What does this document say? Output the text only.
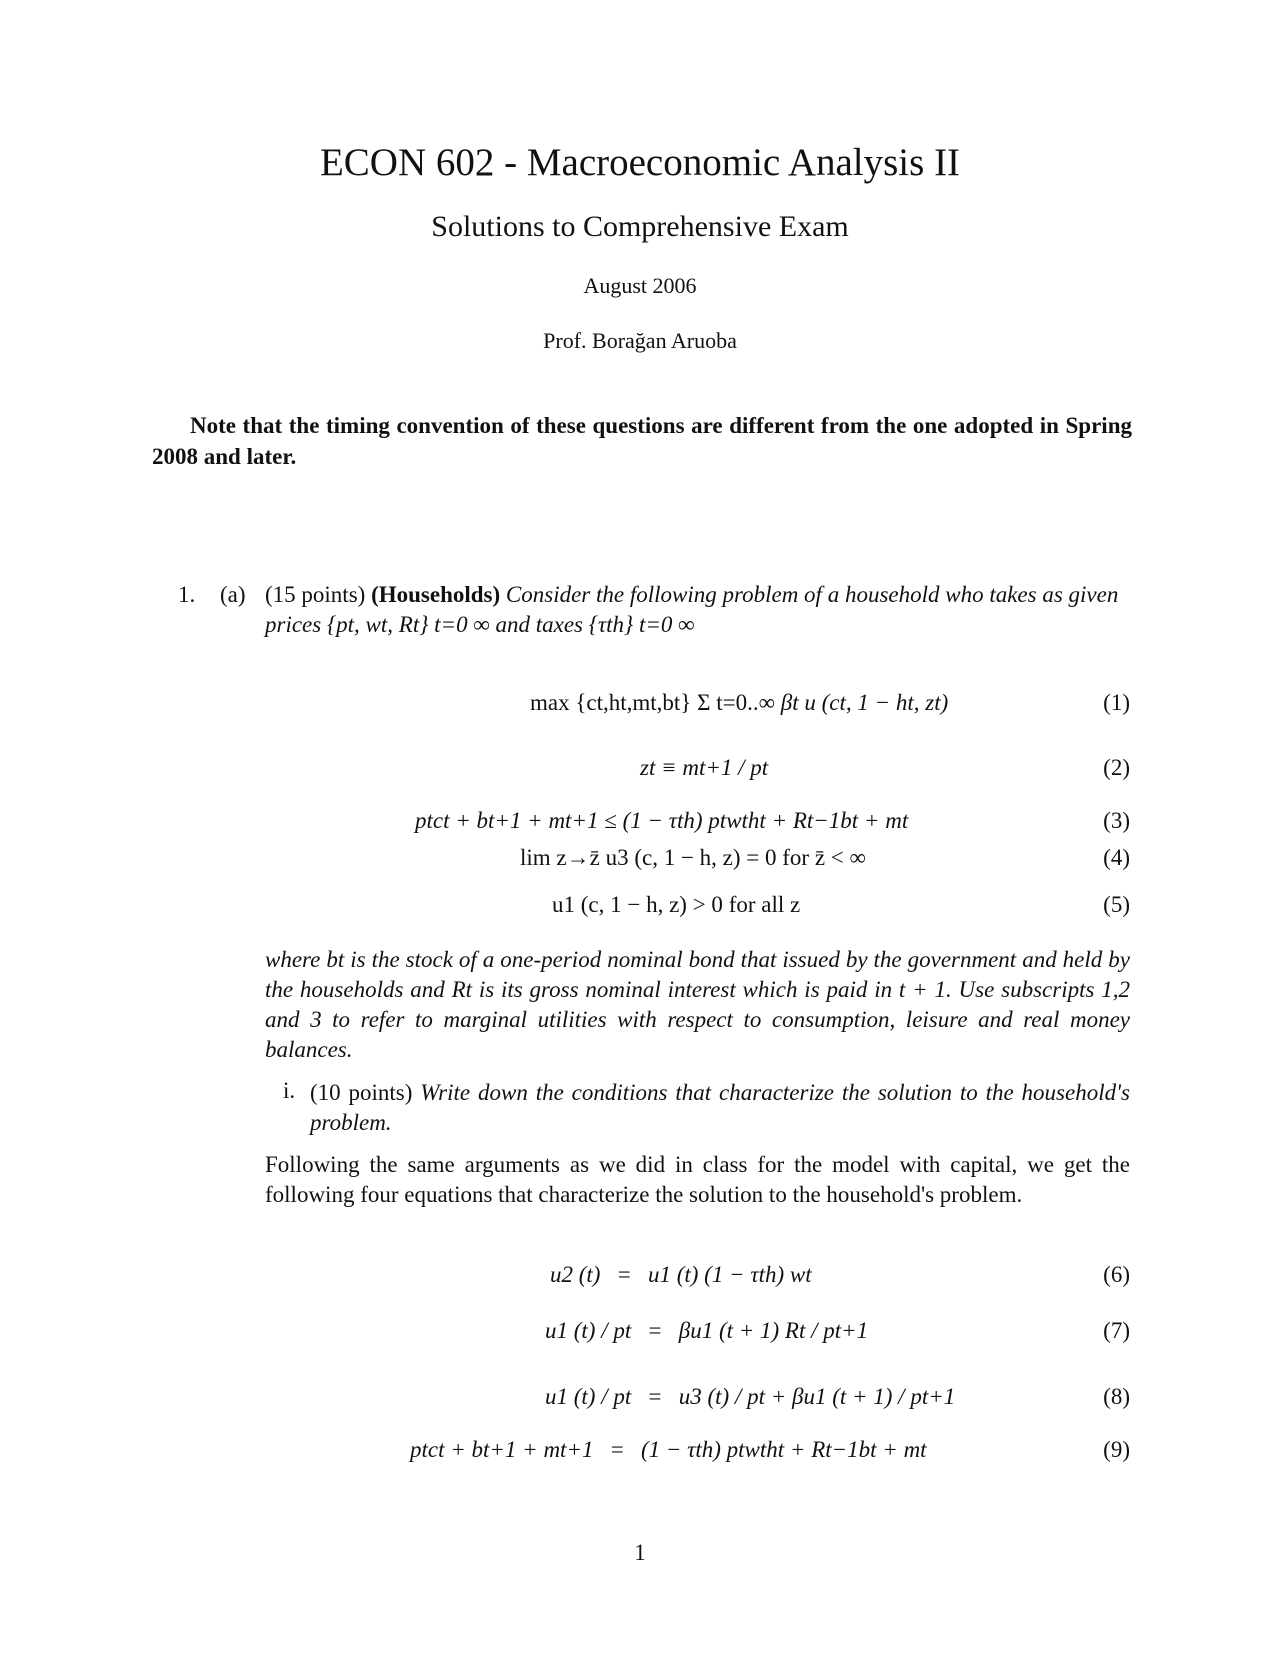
ECON 602 - Macroeconomic Analysis II
Solutions to Comprehensive Exam
August 2006
Prof. Borağan Aruoba
Note that the timing convention of these questions are different from the one adopted in Spring 2008 and later.
1. (a) (15 points) (Households) Consider the following problem of a household who takes as given prices {pt, wt, Rt} t=0 ∞ and taxes {τth} t=0 ∞
max {ct,ht,mt,bt} Σ t=0..∞ βt u (ct, 1 − ht, zt)	(1)
zt ≡ mt+1 / pt	(2)
ptct + bt+1 + mt+1 ≤ (1 − τth) ptwtht + Rt−1bt + mt	(3)
lim z→z̄ u3 (c, 1 − h, z) = 0 for z̄ < ∞	(4)
u1 (c, 1 − h, z) > 0 for all z	(5)
where bt is the stock of a one-period nominal bond that issued by the government and held by the households and Rt is its gross nominal interest which is paid in t + 1. Use subscripts 1,2 and 3 to refer to marginal utilities with respect to consumption, leisure and real money balances.
i. (10 points) Write down the conditions that characterize the solution to the household's problem.
Following the same arguments as we did in class for the model with capital, we get the following four equations that characterize the solution to the household's problem.
u2 (t)   =   u1 (t) (1 − τth) wt	(6)
u1 (t) / pt   =   βu1 (t + 1) Rt / pt+1	(7)
u1 (t) / pt   =   u3 (t) / pt + βu1 (t + 1) / pt+1	(8)
ptct + bt+1 + mt+1   =   (1 − τth) ptwtht + Rt−1bt + mt	(9)
1
